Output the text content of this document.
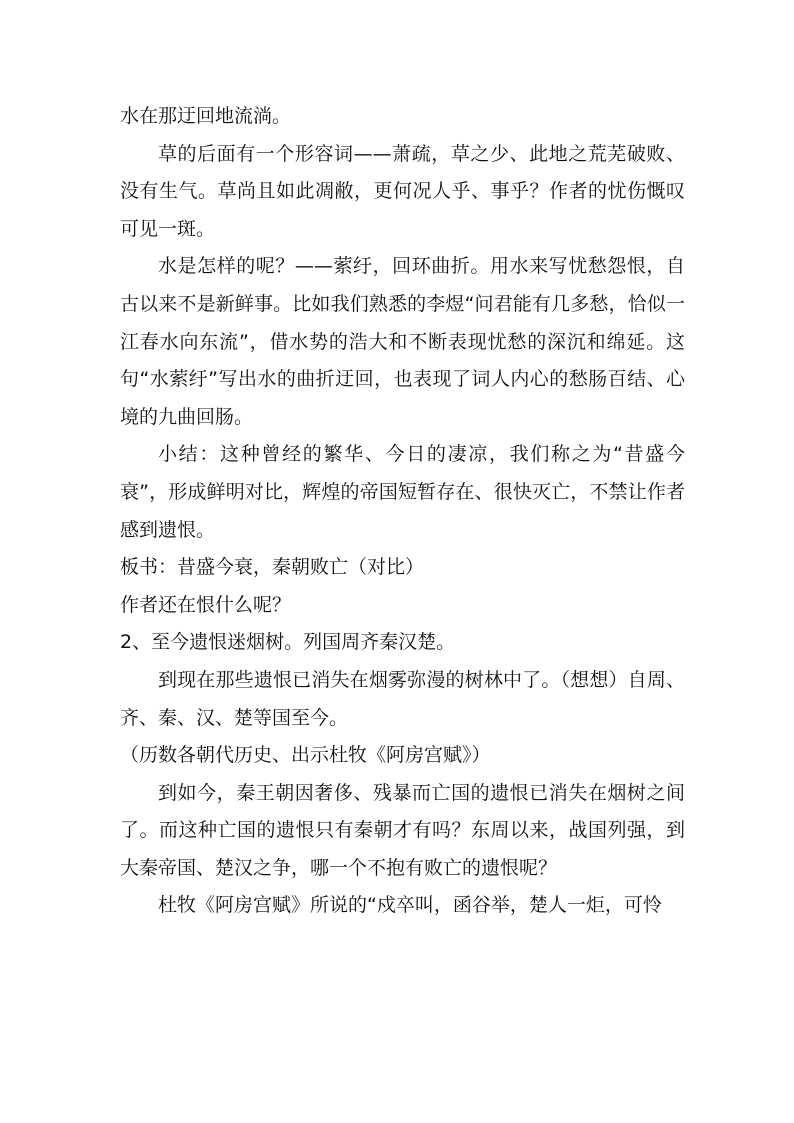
水在那迂回地流淌。

草的后面有一个形容词——萧疏，草之少、此地之荒芜破败、没有生气。草尚且如此凋敝，更何况人乎、事乎？作者的忧伤慨叹可见一斑。

水是怎样的呢？——萦纡，回环曲折。用水来写忧愁怨恨，自古以来不是新鲜事。比如我们熟悉的李煜“问君能有几多愁，恰似一江春水向东流”，借水势的浩大和不断表现忧愁的深沉和绵延。这句“水萦纡”写出水的曲折迂回，也表现了词人内心的愁肠百结、心境的九曲回肠。

小结：这种曾经的繁华、今日的凄凉，我们称之为“昔盛今衰”，形成鲜明对比，辉煌的帝国短暂存在、很快灭亡，不禁让作者感到遗恨。

板书：昔盛今衰，秦朝败亡（对比）

作者还在恨什么呢？

2、至今遗恨迷烟树。列国周齐秦汉楚。

到现在那些遗恨已消失在烟雾弥漫的树林中了。（想想）自周、齐、秦、汉、楚等国至今。

（历数各朝代历史、出示杜牧《阿房宫赋》）

到如今，秦王朝因奢侈、残暴而亡国的遗恨已消失在烟树之间了。而这种亡国的遗恨只有秦朝才有吗？东周以来，战国列强，到大秦帝国、楚汉之争，哪一个不抱有败亡的遗恨呢？

杜牧《阿房宫赋》所说的“戍卒叫，函谷举，楚人一炬，可怜
